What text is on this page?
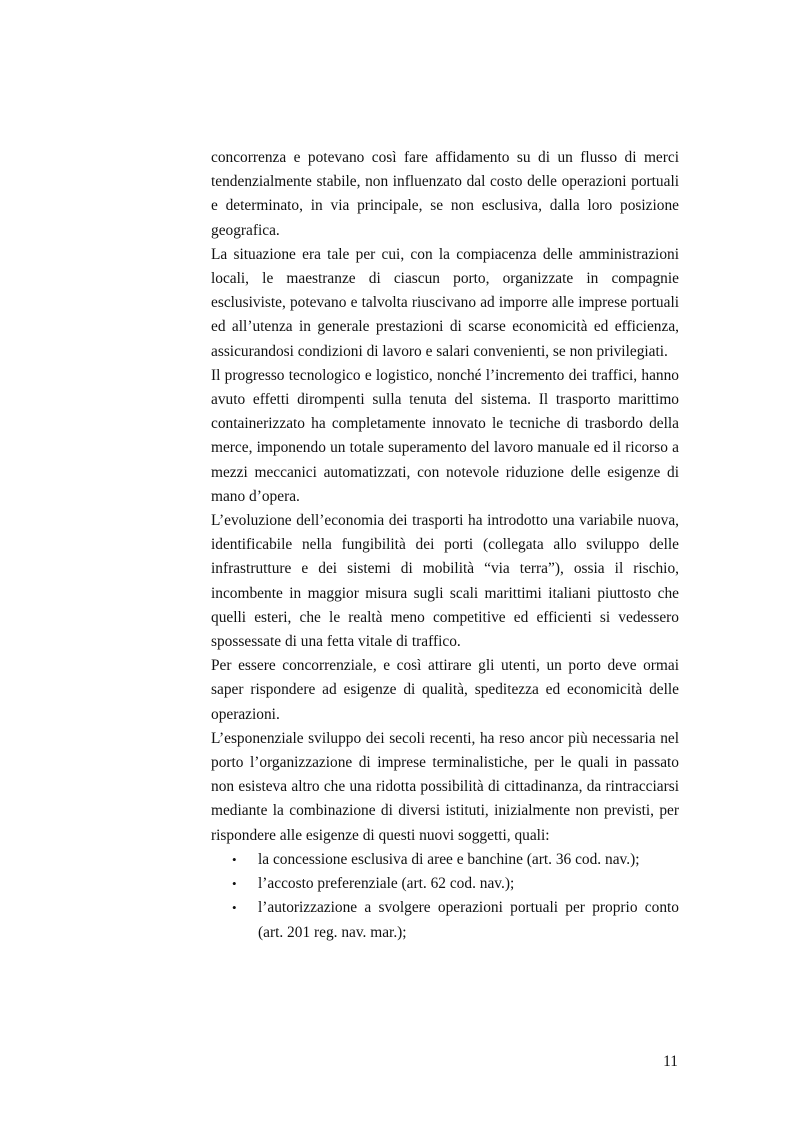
concorrenza e potevano così fare affidamento su di un flusso di merci tendenzialmente stabile, non influenzato dal costo delle operazioni portuali e determinato, in via principale, se non esclusiva, dalla loro posizione geografica.

La situazione era tale per cui, con la compiacenza delle amministrazioni locali, le maestranze di ciascun porto, organizzate in compagnie esclusiviste, potevano e talvolta riuscivano ad imporre alle imprese portuali ed all’utenza in generale prestazioni di scarse economicità ed efficienza, assicurandosi condizioni di lavoro e salari convenienti, se non privilegiati.

Il progresso tecnologico e logistico, nonché l’incremento dei traffici, hanno avuto effetti dirompenti sulla tenuta del sistema. Il trasporto marittimo containerizzato ha completamente innovato le tecniche di trasbordo della merce, imponendo un totale superamento del lavoro manuale ed il ricorso a mezzi meccanici automatizzati, con notevole riduzione delle esigenze di mano d’opera.

L’evoluzione dell’economia dei trasporti ha introdotto una variabile nuova, identificabile nella fungibilità dei porti (collegata allo sviluppo delle infrastrutture e dei sistemi di mobilità “via terra”), ossia il rischio, incombente in maggior misura sugli scali marittimi italiani piuttosto che quelli esteri, che le realtà meno competitive ed efficienti si vedessero spossessate di una fetta vitale di traffico.

Per essere concorrenziale, e così attirare gli utenti, un porto deve ormai saper rispondere ad esigenze di qualità, speditezza ed economicità delle operazioni.

L’esponenziale sviluppo dei secoli recenti, ha reso ancor più necessaria nel porto l’organizzazione di imprese terminalistiche, per le quali in passato non esisteva altro che una ridotta possibilità di cittadinanza, da rintracciarsi mediante la combinazione di diversi istituti, inizialmente non previsti, per rispondere alle esigenze di questi nuovi soggetti, quali:

• la concessione esclusiva di aree e banchine (art. 36 cod. nav.);
• l’accosto preferenziale (art. 62 cod. nav.);
• l’autorizzazione a svolgere operazioni portuali per proprio conto (art. 201 reg. nav. mar.);
11
